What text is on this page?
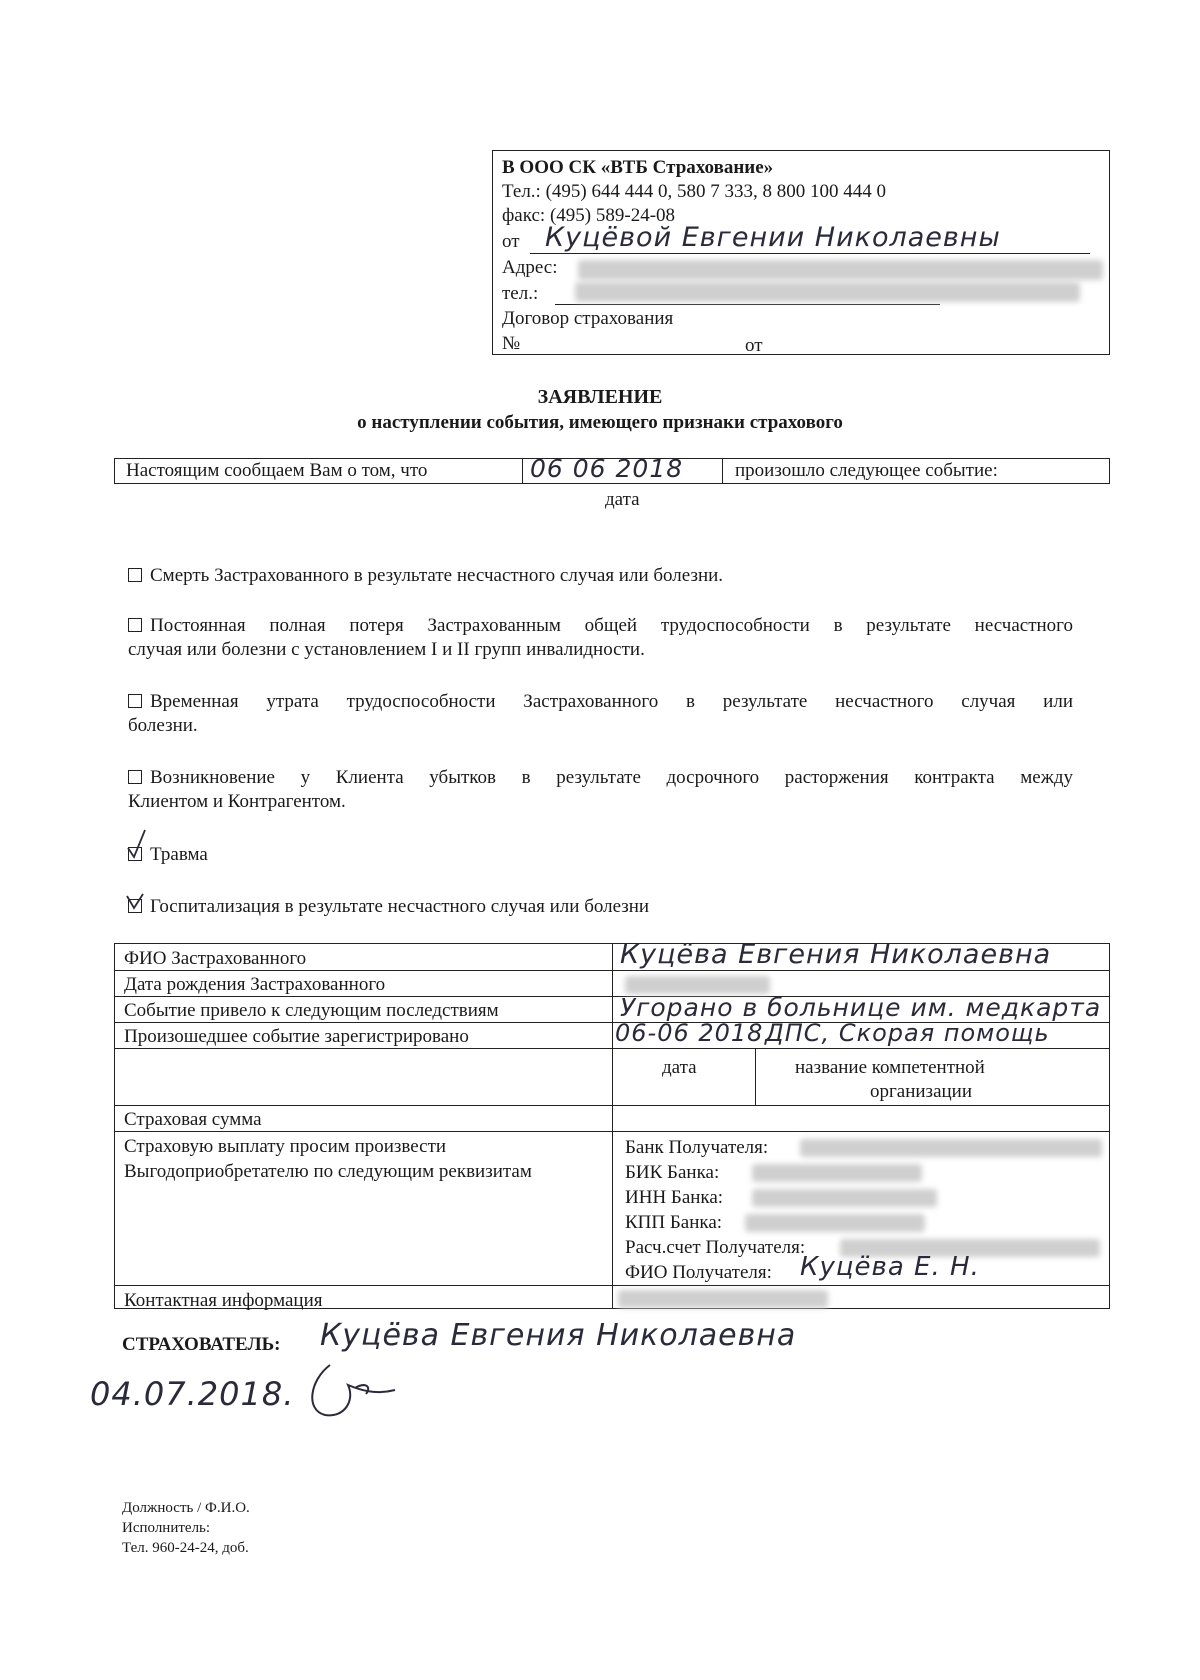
В ООО СК «ВТБ Страхование»
Тел.: (495) 644 444 0, 580 7 333, 8 800 100 444 0
факс: (495) 589-24-08
от Куцёвой Евгении Николаевны
Адрес:
тел.:
Договор страхования
№	от
ЗАЯВЛЕНИЕ
о наступлении события, имеющего признаки страхового
Настоящим сообщаем Вам о том, что	06 06 2018	произошло следующее событие:
дата
Смерть Застрахованного в результате несчастного случая или болезни.
Постоянная полная потеря Застрахованным общей трудоспособности в результате несчастного
случая или болезни с установлением I и II групп инвалидности.
Временная утрата трудоспособности Застрахованного в результате несчастного случая или
болезни.
Возникновение у Клиента убытков в результате досрочного расторжения контракта между
Клиентом и Контрагентом.
Травма
Госпитализация в результате несчастного случая или болезни
ФИО Застрахованного	Куцёва Евгения Николаевна
Дата рождения Застрахованного
Событие привело к следующим последствиям	Угорано в больнице им. медкарта
Произошедшее событие зарегистрировано	06-06 2018 ДПС, Скорая помощь
дата	название компетентной
организации
Страховая сумма
Страховую выплату просим произвести
Выгодоприобретателю по следующим реквизитам
Банк Получателя:
БИК Банка:
ИНН Банка:
КПП Банка:
Расч.счет Получателя:
ФИО Получателя: Куцёва Е. Н.
Контактная информация
СТРАХОВАТЕЛЬ: Куцёва Евгения Николаевна
04.07.2018.
Должность / Ф.И.О.
Исполнитель:
Тел. 960-24-24, доб.
